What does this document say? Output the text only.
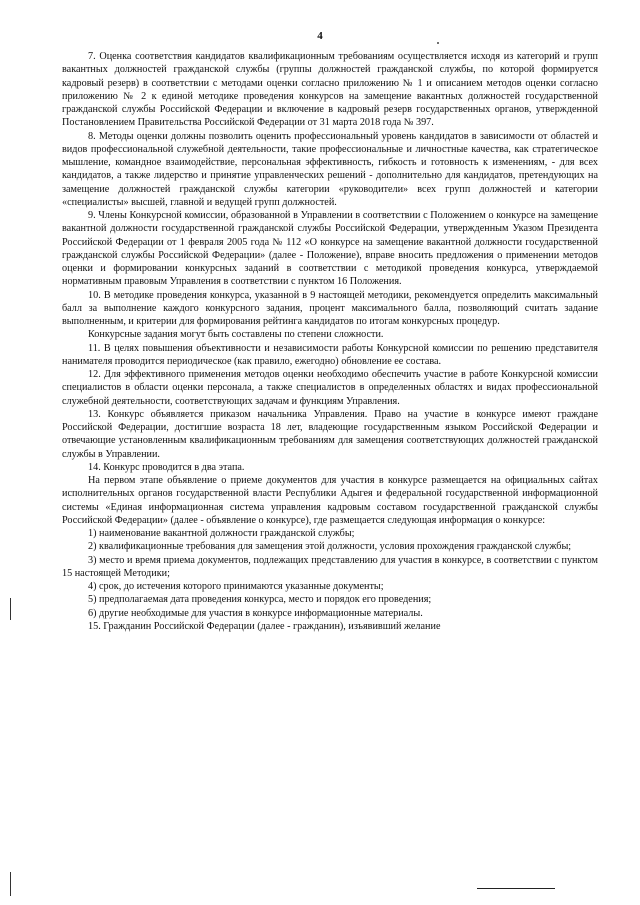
4

7. Оценка соответствия кандидатов квалификационным требованиям осуществляется исходя из категорий и групп вакантных должностей гражданской службы (группы должностей гражданской службы, по которой формируется кадровый резерв) в соответствии с методами оценки согласно приложению № 1 и описанием методов оценки согласно приложению № 2 к единой методике проведения конкурсов на замещение вакантных должностей государственной гражданской службы Российской Федерации и включение в кадровый резерв государственных органов, утвержденной Постановлением Правительства Российской Федерации от 31 марта 2018 года № 397.

8. Методы оценки должны позволить оценить профессиональный уровень кандидатов в зависимости от областей и видов профессиональной служебной деятельности, такие профессиональные и личностные качества, как стратегическое мышление, командное взаимодействие, персональная эффективность, гибкость и готовность к изменениям, - для всех кандидатов, а также лидерство и принятие управленческих решений - дополнительно для кандидатов, претендующих на замещение должностей гражданской службы категории «руководители» всех групп должностей и категории «специалисты» высшей, главной и ведущей групп должностей.

9. Члены Конкурсной комиссии, образованной в Управлении в соответствии с Положением о конкурсе на замещение вакантной должности государственной гражданской службы Российской Федерации, утвержденным Указом Президента Российской Федерации от 1 февраля 2005 года № 112 «О конкурсе на замещение вакантной должности государственной гражданской службы Российской Федерации» (далее - Положение), вправе вносить предложения о применении методов оценки и формировании конкурсных заданий в соответствии с методикой проведения конкурса, утверждаемой нормативным правовым Управления в соответствии с пунктом 16 Положения.

10. В методике проведения конкурса, указанной в 9 настоящей методики, рекомендуется определить максимальный балл за выполнение каждого конкурсного задания, процент максимального балла, позволяющий считать задание выполненным, и критерии для формирования рейтинга кандидатов по итогам конкурсных процедур.

Конкурсные задания могут быть составлены по степени сложности.

11. В целях повышения объективности и независимости работы Конкурсной комиссии по решению представителя нанимателя проводится периодическое (как правило, ежегодно) обновление ее состава.

12. Для эффективного применения методов оценки необходимо обеспечить участие в работе Конкурсной комиссии специалистов в области оценки персонала, а также специалистов в определенных областях и видах профессиональной служебной деятельности, соответствующих задачам и функциям Управления.

13. Конкурс объявляется приказом начальника Управления. Право на участие в конкурсе имеют граждане Российской Федерации, достигшие возраста 18 лет, владеющие государственным языком Российской Федерации и отвечающие установленным квалификационным требованиям для замещения соответствующих должностей гражданской службы в Управлении.

14. Конкурс проводится в два этапа.

На первом этапе объявление о приеме документов для участия в конкурсе размещается на официальных сайтах исполнительных органов государственной власти Республики Адыгея и федеральной государственной информационной системы «Единая информационная система управления кадровым составом государственной гражданской службы Российской Федерации» (далее - объявление о конкурсе), где размещается следующая информация о конкурсе:

1) наименование вакантной должности гражданской службы;

2) квалификационные требования для замещения этой должности, условия прохождения гражданской службы;

3) место и время приема документов, подлежащих представлению для участия в конкурсе, в соответствии с пунктом 15 настоящей Методики;

4) срок, до истечения которого принимаются указанные документы;

5) предполагаемая дата проведения конкурса, место и порядок его проведения;

6) другие необходимые для участия в конкурсе информационные материалы.

15. Гражданин Российской Федерации (далее - гражданин), изъявивший желание
